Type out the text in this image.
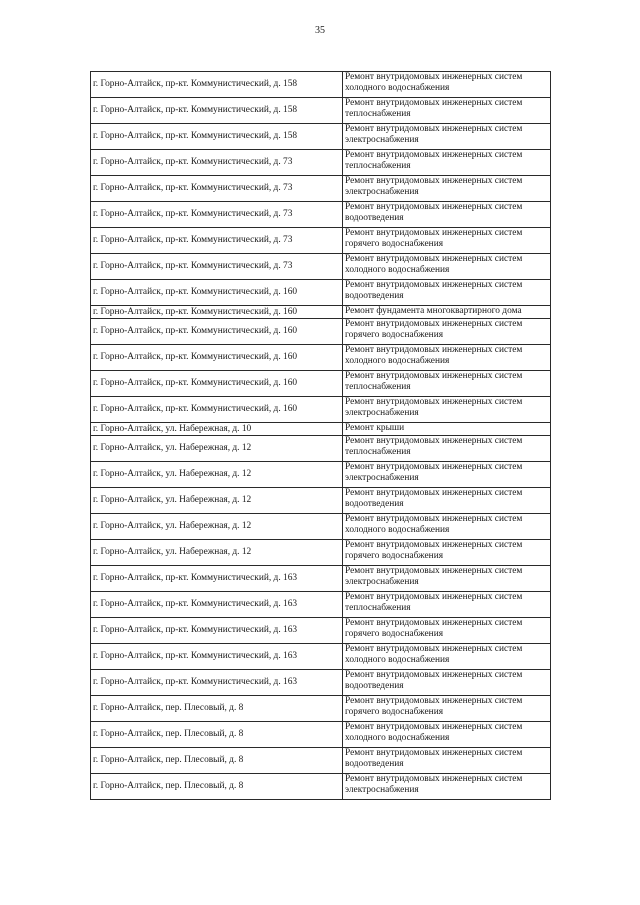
35
г. Горно-Алтайск, пр-кт. Коммунистический, д. 158	Ремонт внутридомовых инженерных систем
холодного водоснабжения

г. Горно-Алтайск, пр-кт. Коммунистический, д. 158	Ремонт внутридомовых инженерных систем
теплоснабжения

г. Горно-Алтайск, пр-кт. Коммунистический, д. 158	Ремонт внутридомовых инженерных систем
электроснабжения

г. Горно-Алтайск, пр-кт. Коммунистический, д. 73	Ремонт внутридомовых инженерных систем
теплоснабжения

г. Горно-Алтайск, пр-кт. Коммунистический, д. 73	Ремонт внутридомовых инженерных систем
электроснабжения

г. Горно-Алтайск, пр-кт. Коммунистический, д. 73	Ремонт внутридомовых инженерных систем
водоотведения

г. Горно-Алтайск, пр-кт. Коммунистический, д. 73	Ремонт внутридомовых инженерных систем
горячего водоснабжения

г. Горно-Алтайск, пр-кт. Коммунистический, д. 73	Ремонт внутридомовых инженерных систем
холодного водоснабжения

г. Горно-Алтайск, пр-кт. Коммунистический, д. 160	Ремонт внутридомовых инженерных систем
водоотведения

г. Горно-Алтайск, пр-кт. Коммунистический, д. 160	Ремонт фундамента многоквартирного дома

г. Горно-Алтайск, пр-кт. Коммунистический, д. 160	Ремонт внутридомовых инженерных систем
горячего водоснабжения

г. Горно-Алтайск, пр-кт. Коммунистический, д. 160	Ремонт внутридомовых инженерных систем
холодного водоснабжения

г. Горно-Алтайск, пр-кт. Коммунистический, д. 160	Ремонт внутридомовых инженерных систем
теплоснабжения

г. Горно-Алтайск, пр-кт. Коммунистический, д. 160	Ремонт внутридомовых инженерных систем
электроснабжения

г. Горно-Алтайск, ул. Набережная, д. 10	Ремонт крыши

г. Горно-Алтайск, ул. Набережная, д. 12	Ремонт внутридомовых инженерных систем
теплоснабжения

г. Горно-Алтайск, ул. Набережная, д. 12	Ремонт внутридомовых инженерных систем
электроснабжения

г. Горно-Алтайск, ул. Набережная, д. 12	Ремонт внутридомовых инженерных систем
водоотведения

г. Горно-Алтайск, ул. Набережная, д. 12	Ремонт внутридомовых инженерных систем
холодного водоснабжения

г. Горно-Алтайск, ул. Набережная, д. 12	Ремонт внутридомовых инженерных систем
горячего водоснабжения

г. Горно-Алтайск, пр-кт. Коммунистический, д. 163	Ремонт внутридомовых инженерных систем
электроснабжения

г. Горно-Алтайск, пр-кт. Коммунистический, д. 163	Ремонт внутридомовых инженерных систем
теплоснабжения

г. Горно-Алтайск, пр-кт. Коммунистический, д. 163	Ремонт внутридомовых инженерных систем
горячего водоснабжения

г. Горно-Алтайск, пр-кт. Коммунистический, д. 163	Ремонт внутридомовых инженерных систем
холодного водоснабжения

г. Горно-Алтайск, пр-кт. Коммунистический, д. 163	Ремонт внутридомовых инженерных систем
водоотведения

г. Горно-Алтайск, пер. Плесовый, д. 8	Ремонт внутридомовых инженерных систем
горячего водоснабжения

г. Горно-Алтайск, пер. Плесовый, д. 8	Ремонт внутридомовых инженерных систем
холодного водоснабжения

г. Горно-Алтайск, пер. Плесовый, д. 8	Ремонт внутридомовых инженерных систем
водоотведения

г. Горно-Алтайск, пер. Плесовый, д. 8	Ремонт внутридомовых инженерных систем
электроснабжения
